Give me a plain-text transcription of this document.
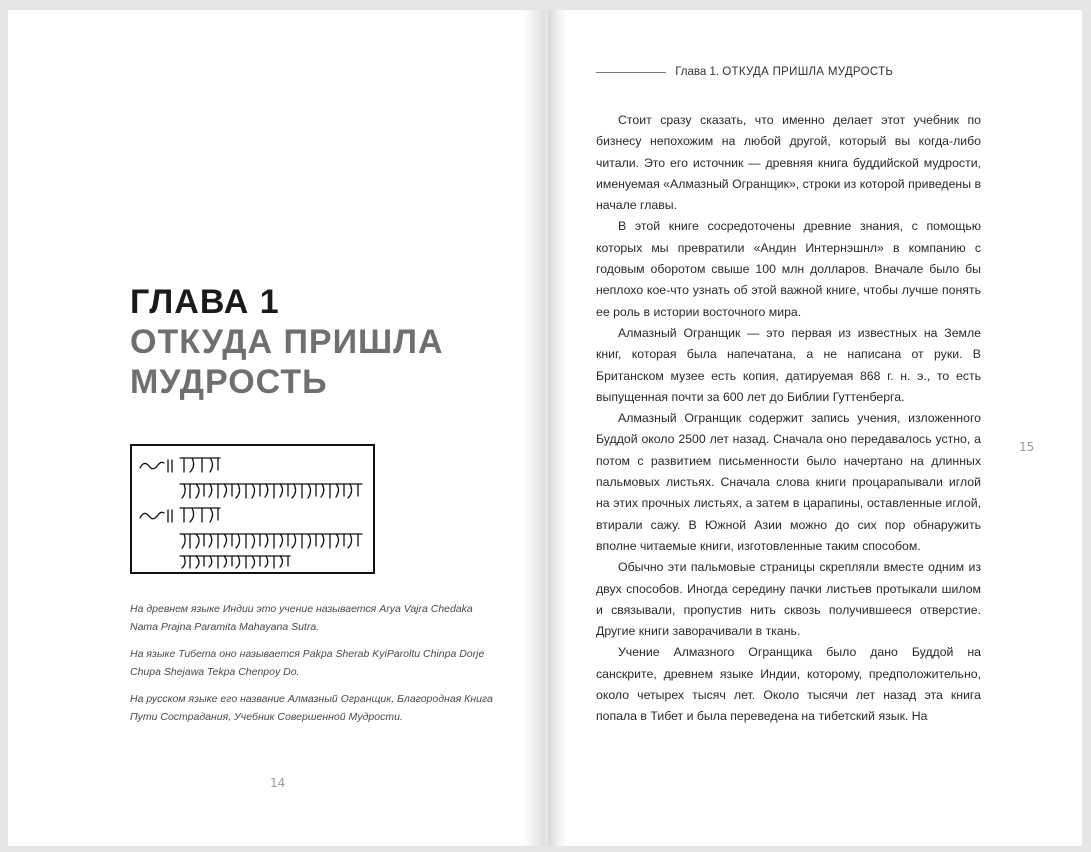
ГЛАВА 1
ОТКУДА ПРИШЛА
МУДРОСТЬ

На древнем языке Индии это учение называется Arya Vajra Chedaka Nama Prajna Paramita Mahayana Sutra.

На языке Тибета оно называется Pakpa Sherab KyiParoltu Chinpa Dorje Chupa Shejawa Tekpa Chenpoy Do.

На русском языке его название Алмазный Огранщик, Благородная Книга Пути Сострадания, Учебник Совершенной Мудрости.

14
Глава 1. ОТКУДА ПРИШЛА МУДРОСТЬ

Стоит сразу сказать, что именно делает этот учебник по бизнесу непохожим на любой другой, который вы когда-либо читали. Это его источник — древняя книга буддийской мудрости, именуемая «Алмазный Огранщик», строки из которой приведены в начале главы.

В этой книге сосредоточены древние знания, с помощью которых мы превратили «Андин Интернэшнл» в компанию с годовым оборотом свыше 100 млн долларов. Вначале было бы неплохо кое-что узнать об этой важной книге, чтобы лучше понять ее роль в истории восточного мира.

Алмазный Огранщик — это первая из известных на Земле книг, которая была напечатана, а не написана от руки. В Британском музее есть копия, датируемая 868 г. н. э., то есть выпущенная почти за 600 лет до Библии Гуттенберга.

Алмазный Огранщик содержит запись учения, изложенного Буддой около 2500 лет назад. Сначала оно передавалось устно, а потом с развитием письменности было начертано на длинных пальмовых листьях. Сначала слова книги процарапывали иглой на этих прочных листьях, а затем в царапины, оставленные иглой, втирали сажу. В Южной Азии можно до сих пор обнаружить вполне читаемые книги, изготовленные таким способом.

Обычно эти пальмовые страницы скрепляли вместе одним из двух способов. Иногда середину пачки листьев протыкали шилом и связывали, пропустив нить сквозь получившееся отверстие. Другие книги заворачивали в ткань.

Учение Алмазного Огранщика было дано Буддой на санскрите, древнем языке Индии, которому, предположительно, около четырех тысяч лет. Около тысячи лет назад эта книга попала в Тибет и была переведена на тибетский язык. На

15
